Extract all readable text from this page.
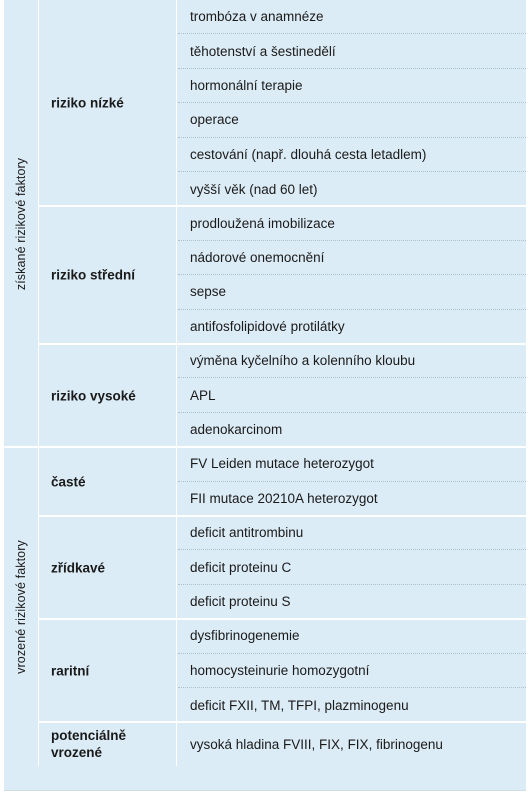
trombóza v anamnéze
těhotenství a šestinedělí
hormonální terapie
operace
cestování (např. dlouhá cesta letadlem)
vyšší věk (nad 60 let)
riziko nízké
prodloužená imobilizace
nádorové onemocnění
sepse
antifosfolipidové protilátky
riziko střední
výměna kyčelního a kolenního kloubu
APL
adenokarcinom
riziko vysoké
získané rizikové faktory
FV Leiden mutace heterozygot
FII mutace 20210A heterozygot
časté
deficit antitrombinu
deficit proteinu C
deficit proteinu S
zřídkavé
dysfibrinogenemie
homocysteinurie homozygotní
deficit FXII, TM, TFPI, plazminogenu
raritní
vysoká hladina FVIII, FIX, FIX, fibrinogenu
potenciálně vrozené
vrozené rizikové faktory
